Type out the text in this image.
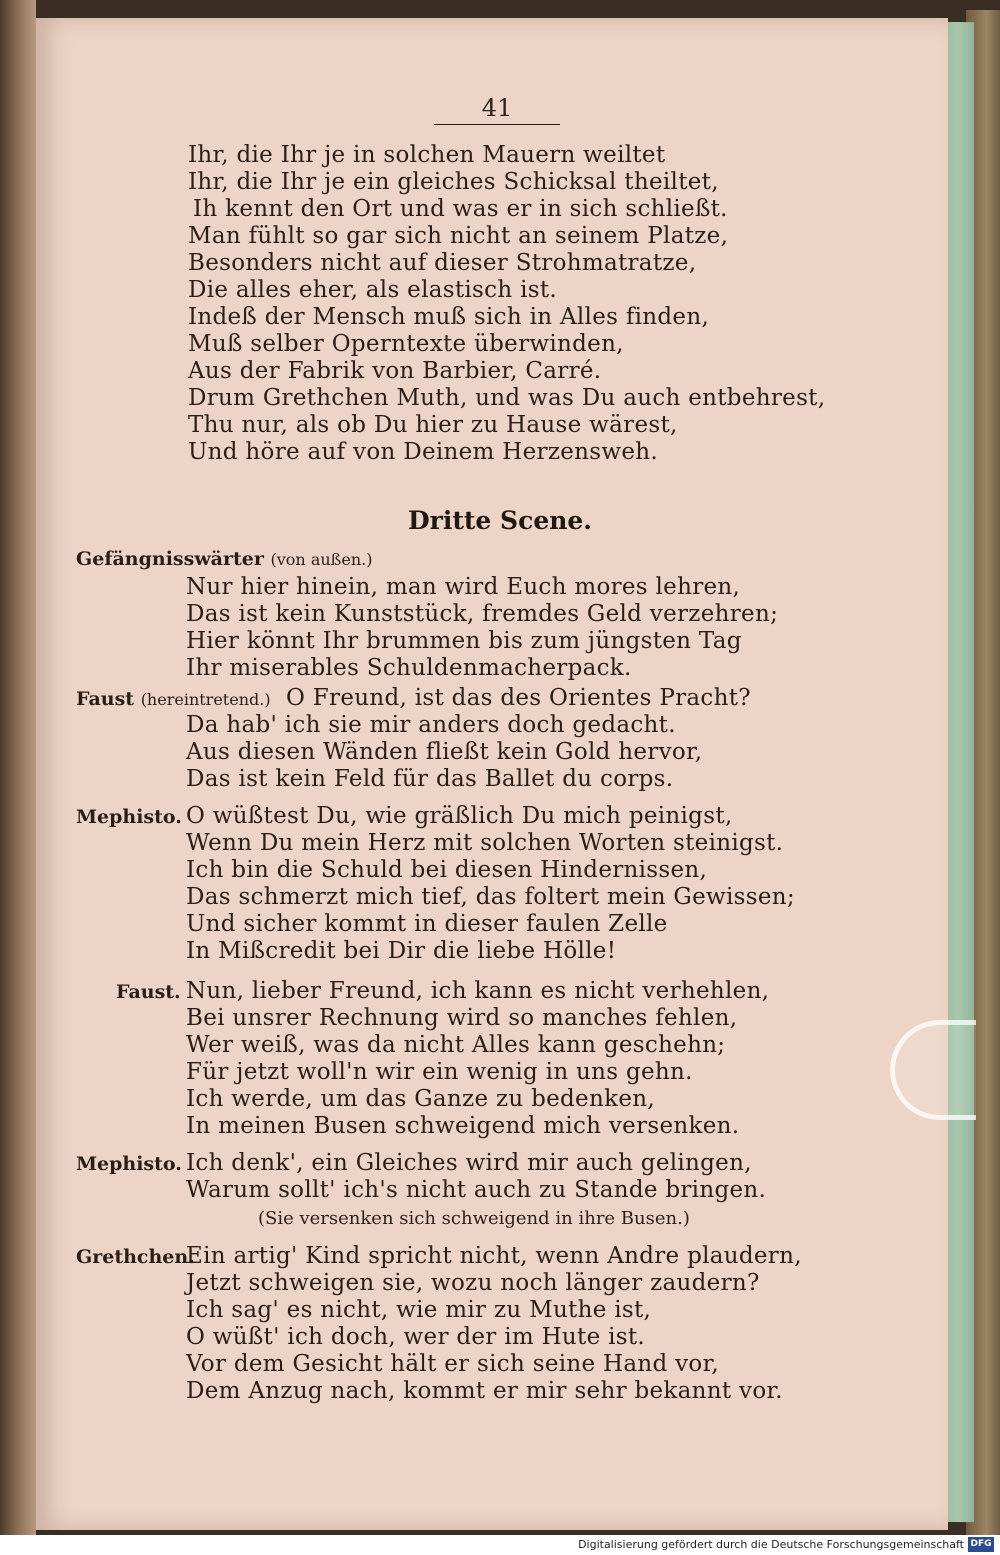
41
Ihr, die Ihr je in solchen Mauern weiltet
Ihr, die Ihr je ein gleiches Schicksal theiltet,
Ih kennt den Ort und was er in sich schließt.
Man fühlt so gar sich nicht an seinem Platze,
Besonders nicht auf dieser Strohmatratze,
Die alles eher, als elastisch ist.
Indeß der Mensch muß sich in Alles finden,
Muß selber Operntexte überwinden,
Aus der Fabrik von Barbier, Carré.
Drum Grethchen Muth, und was Du auch entbehrest,
Thu nur, als ob Du hier zu Hause wärest,
Und höre auf von Deinem Herzensweh.
Dritte Scene.
Gefängnisswärter (von außen.)
Nur hier hinein, man wird Euch mores lehren,
Das ist kein Kunststück, fremdes Geld verzehren;
Hier könnt Ihr brummen bis zum jüngsten Tag
Ihr miserables Schuldenmacherpack.
Faust (hereintretend.) O Freund, ist das des Orientes Pracht?
Da hab' ich sie mir anders doch gedacht.
Aus diesen Wänden fließt kein Gold hervor,
Das ist kein Feld für das Ballet du corps.
Mephisto. O wüßtest Du, wie gräßlich Du mich peinigst,
Wenn Du mein Herz mit solchen Worten steinigst.
Ich bin die Schuld bei diesen Hindernissen,
Das schmerzt mich tief, das foltert mein Gewissen;
Und sicher kommt in dieser faulen Zelle
In Mißcredit bei Dir die liebe Hölle!
Faust. Nun, lieber Freund, ich kann es nicht verhehlen,
Bei unsrer Rechnung wird so manches fehlen,
Wer weiß, was da nicht Alles kann geschehn;
Für jetzt woll'n wir ein wenig in uns gehn.
Ich werde, um das Ganze zu bedenken,
In meinen Busen schweigend mich versenken.
Mephisto. Ich denk', ein Gleiches wird mir auch gelingen,
Warum sollt' ich's nicht auch zu Stande bringen.
(Sie versenken sich schweigend in ihre Busen.)
Grethchen.
Ein artig' Kind spricht nicht, wenn Andre plaudern,
Jetzt schweigen sie, wozu noch länger zaudern?
Ich sag' es nicht, wie mir zu Muthe ist,
O wüßt' ich doch, wer der im Hute ist.
Vor dem Gesicht hält er sich seine Hand vor,
Dem Anzug nach, kommt er mir sehr bekannt vor.
Digitalisierung gefördert durch die Deutsche Forschungsgemeinschaft DFG
